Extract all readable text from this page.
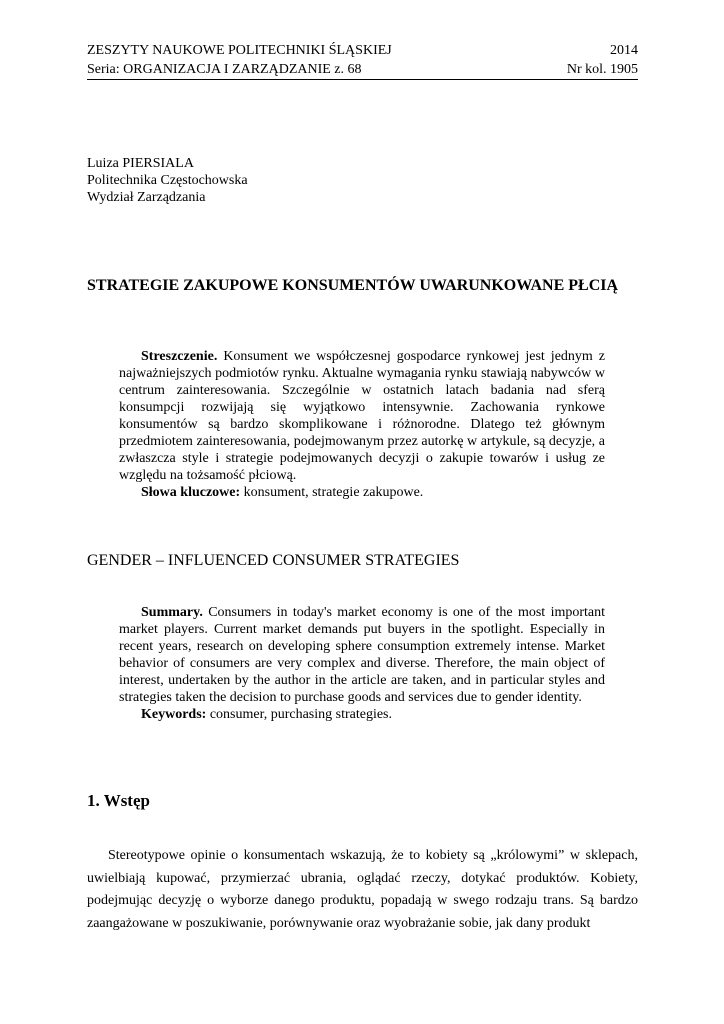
ZESZYTY NAUKOWE POLITECHNIKI ŚLĄSKIEJ	2014
Seria: ORGANIZACJA I ZARZĄDZANIE z. 68	Nr kol. 1905
Luiza PIERSIALA
Politechnika Częstochowska
Wydział Zarządzania
STRATEGIE ZAKUPOWE KONSUMENTÓW UWARUNKOWANE PŁCIĄ

Streszczenie. Konsument we współczesnej gospodarce rynkowej jest jednym z najważniejszych podmiotów rynku. Aktualne wymagania rynku stawiają nabywców w centrum zainteresowania. Szczególnie w ostatnich latach badania nad sferą konsumpcji rozwijają się wyjątkowo intensywnie. Zachowania rynkowe konsumentów są bardzo skomplikowane i różnorodne. Dlatego też głównym przedmiotem zainteresowania, podejmowanym przez autorkę w artykule, są decyzje, a zwłaszcza style i strategie podejmowanych decyzji o zakupie towarów i usług ze względu na tożsamość płciową.

Słowa kluczowe: konsument, strategie zakupowe.

GENDER – INFLUENCED CONSUMER STRATEGIES

Summary. Consumers in today's market economy is one of the most important market players. Current market demands put buyers in the spotlight. Especially in recent years, research on developing sphere consumption extremely intense. Market behavior of consumers are very complex and diverse. Therefore, the main object of interest, undertaken by the author in the article are taken, and in particular styles and strategies taken the decision to purchase goods and services due to gender identity.

Keywords: consumer, purchasing strategies.

1. Wstęp

Stereotypowe opinie o konsumentach wskazują, że to kobiety są „królowymi” w sklepach, uwielbiają kupować, przymierzać ubrania, oglądać rzeczy, dotykać produktów. Kobiety, podejmując decyzję o wyborze danego produktu, popadają w swego rodzaju trans. Są bardzo zaangażowane w poszukiwanie, porównywanie oraz wyobrażanie sobie, jak dany produkt
